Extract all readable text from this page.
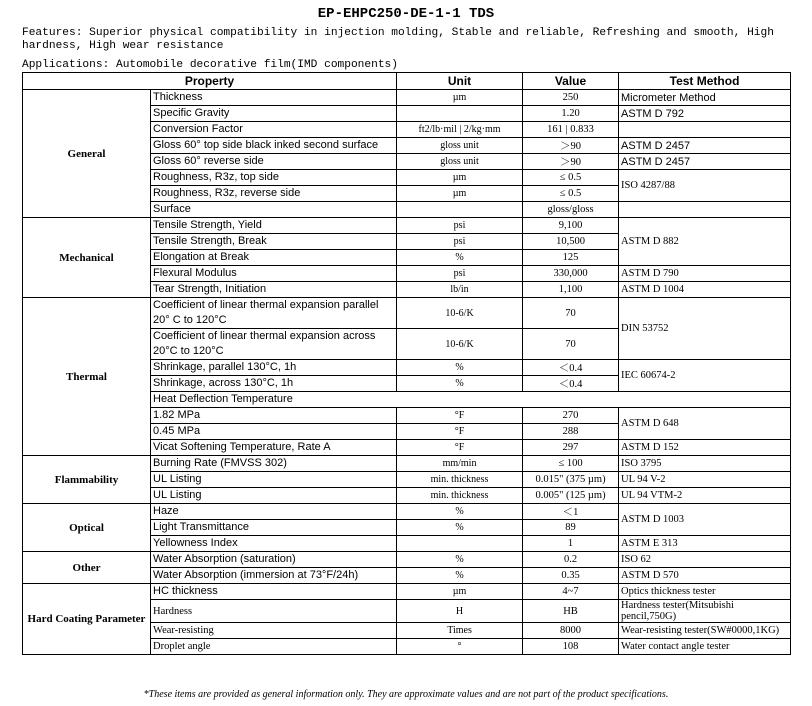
EP-EHPC250-DE-1-1 TDS
Features: Superior physical compatibility in injection molding, Stable and reliable, Refreshing and smooth, High hardness, High wear resistance
Applications: Automobile decorative film(IMD components)
Property		Unit	Value	Test Method
General	Thickness	µm	250	Micrometer Method
	Specific Gravity		1.20	ASTM D 792
	Conversion Factor	ft2/lb·mil | 2/kg·mm	161 | 0.833	
	Gloss 60° top side black inked second surface	gloss unit	＞90	ASTM D 2457
	Gloss 60° reverse side	gloss unit	＞90	ASTM D 2457
	Roughness, R3z, top side	µm	≤ 0.5	ISO 4287/88
	Roughness, R3z, reverse side	µm	≤ 0.5	
	Surface		gloss/gloss	
Mechanical	Tensile Strength, Yield	psi	9,100	ASTM D 882
	Tensile Strength, Break	psi	10,500	
	Elongation at Break	%	125	
	Flexural Modulus	psi	330,000	ASTM D 790
	Tear Strength, Initiation	lb/in	1,100	ASTM D 1004
Thermal	Coefficient of linear thermal expansion parallel 20° C to 120°C	10-6/K	70	DIN 53752
	Coefficient of linear thermal expansion across 20°C to 120°C	10-6/K	70	
	Shrinkage, parallel 130°C, 1h	%	＜0.4	IEC 60674-2
	Shrinkage, across 130°C, 1h	%	＜0.4	
	Heat Deflection Temperature			
	1.82 MPa	°F	270	ASTM D 648
	0.45 MPa	°F	288	
	Vicat Softening Temperature, Rate A	°F	297	ASTM D 152
Flammability	Burning Rate (FMVSS 302)	mm/min	≤ 100	ISO 3795
	UL Listing	min. thickness	0.015" (375 µm)	UL 94 V-2
	UL Listing	min. thickness	0.005" (125 µm)	UL 94 VTM-2
Optical	Haze	%	＜1	ASTM D 1003
	Light Transmittance	%	89	
	Yellowness Index		1	ASTM E 313
Other	Water Absorption (saturation)	%	0.2	ISO 62
	Water Absorption (immersion at 73°F/24h)	%	0.35	ASTM D 570
Hard Coating Parameter	HC thickness	µm	4~7	Optics thickness tester
	Hardness	H	HB	Hardness tester(Mitsubishi pencil,750G)
	Wear-resisting	Times	8000	Wear-resisting tester(SW#0000,1KG)
	Droplet angle	°	108	Water contact angle tester
*These items are provided as general information only. They are approximate values and are not part of the product specifications.
